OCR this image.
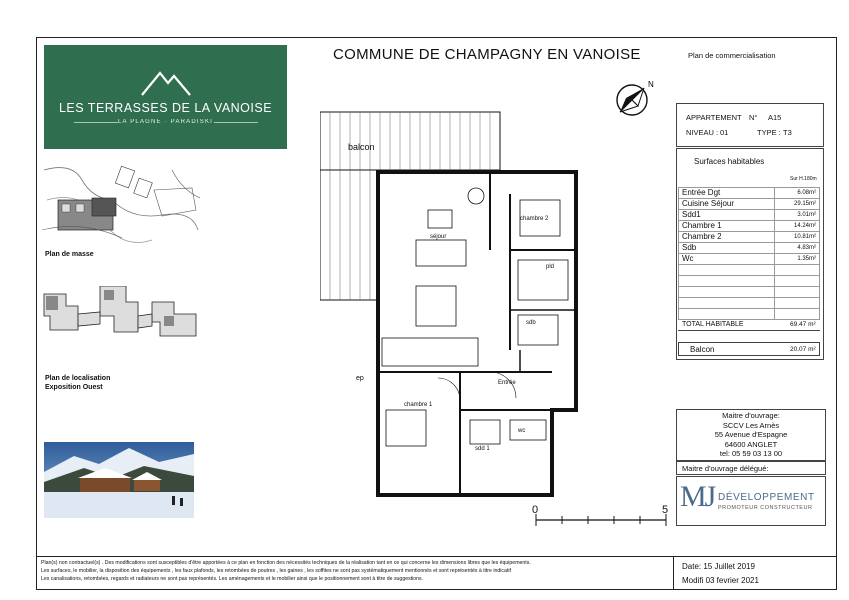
LES TERRASSES DE LA VANOISE
LA PLAGNE · PARADISKI
COMMUNE DE CHAMPAGNY EN VANOISE	Plan de commercialisation
N
Plan de masse
Plan de localisation
Exposition Ouest
balcon
séjour
chambre 2
sdb
pld
chambre 1
Entrée
sdd 1
wc
ep
0	5
APPARTEMENT N° A15
NIVEAU : 01	TYPE : T3
Surfaces habitables
Sur H.180m
Entrée Dgt	6.08m²
Cuisine Séjour	29.15m²
Sdd1	3.01m²
Chambre 1	14.24m²
Chambre 2	10.81m²
Sdb	4.83m²
Wc	1.35m²

TOTAL HABITABLE	69.47 m²
Balcon	20.07 m²
Maitre d'ouvrage:
SCCV Les Arnès
55 Avenue d'Espagne
64600 ANGLET
tel: 05 59 03 13 00
Maitre d'ouvrage délégué:
MJ DÉVELOPPEMENT
PROMOTEUR CONSTRUCTEUR
Plan(s) non contractuel(s) . Des modifications sont susceptibles d'être apportées à ce plan en fonction des nécessités techniques de la réalisation tant en ce qui concerne les dimensions libres que les équipements.
Les surfaces, le mobilier, la disposition des équipements , les faux plafonds, les retombées de poutres , les gaines , les soffites ne sont pas systématiquement mentionnés et sont représentés à titre indicatif
Les canalisations, retombées, regards et radiateurs ne sont pas représentés. Les aménagements et le mobilier ainsi que le positionnement sont à titre de suggestions.
Date: 15 Juillet 2019
Modifi 03 fevrier 2021
